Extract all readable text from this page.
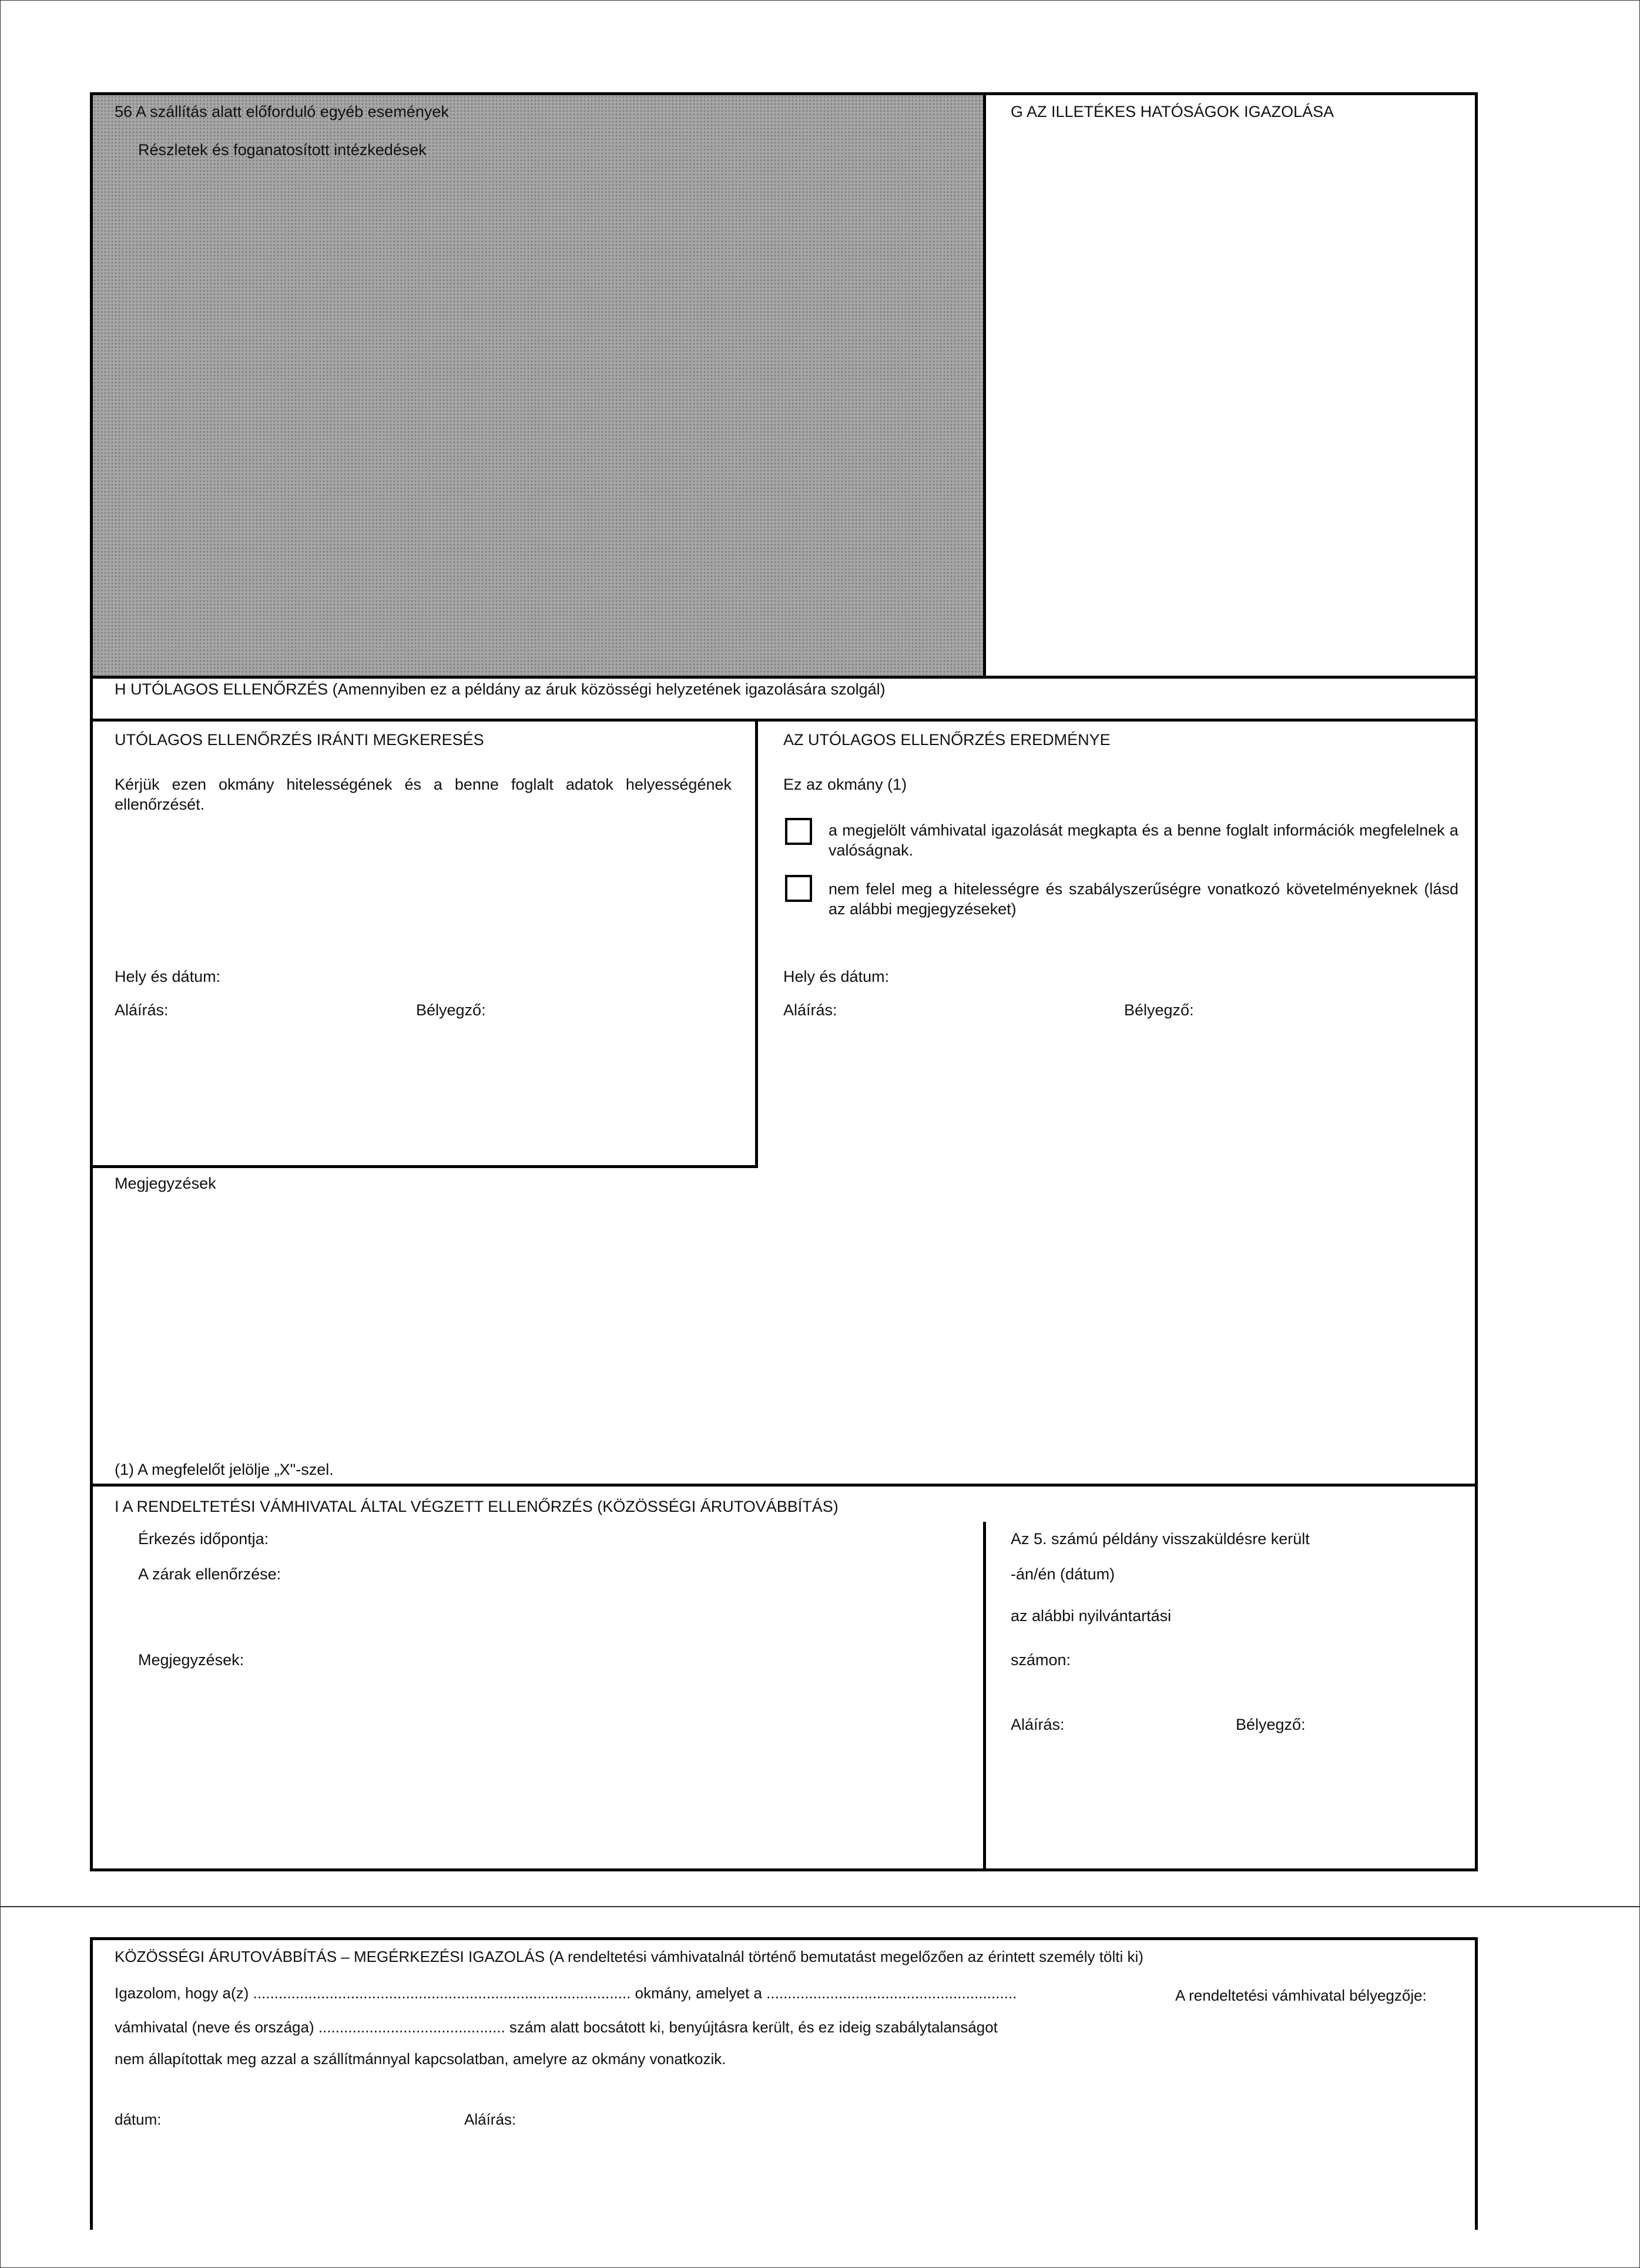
56 A szállítás alatt előforduló egyéb események
Részletek és foganatosított intézkedések
G AZ ILLETÉKES HATÓSÁGOK IGAZOLÁSA
H UTÓLAGOS ELLENŐRZÉS (Amennyiben ez a példány az áruk közösségi helyzetének igazolására szolgál)
UTÓLAGOS ELLENŐRZÉS IRÁNTI MEGKERESÉS
Kérjük ezen okmány hitelességének és a benne foglalt adatok helyességének ellenőrzését.
Hely és dátum:
Aláírás:	Bélyegző:
AZ UTÓLAGOS ELLENŐRZÉS EREDMÉNYE
Ez az okmány (1)
a megjelölt vámhivatal igazolását megkapta és a benne foglalt információk megfelelnek a valóságnak.
nem felel meg a hitelességre és szabályszerűségre vonatkozó követelményeknek (lásd az alábbi megjegyzéseket)
Hely és dátum:
Aláírás:	Bélyegző:
Megjegyzések
(1) A megfelelőt jelölje „X"-szel.
I A RENDELTETÉSI VÁMHIVATAL ÁLTAL VÉGZETT ELLENŐRZÉS (KÖZÖSSÉGI ÁRUTOVÁBBÍTÁS)
Érkezés időpontja:
A zárak ellenőrzése:
Megjegyzések:
Az 5. számú példány visszaküldésre került
-án/én (dátum)
az alábbi nyilvántartási
számon:
Aláírás:	Bélyegző:
KÖZÖSSÉGI ÁRUTOVÁBBÍTÁS – MEGÉRKEZÉSI IGAZOLÁS (A rendeltetési vámhivatalnál történő bemutatást megelőzően az érintett személy tölti ki)
Igazolom, hogy a(z) ......................................................................................... okmány, amelyet a ...........................................................	A rendeltetési vámhivatal bélyegzője:
vámhivatal (neve és országa) ............................................ szám alatt bocsátott ki, benyújtásra került, és ez ideig szabálytalanságot
nem állapítottak meg azzal a szállítmánnyal kapcsolatban, amelyre az okmány vonatkozik.
dátum:	Aláírás:
